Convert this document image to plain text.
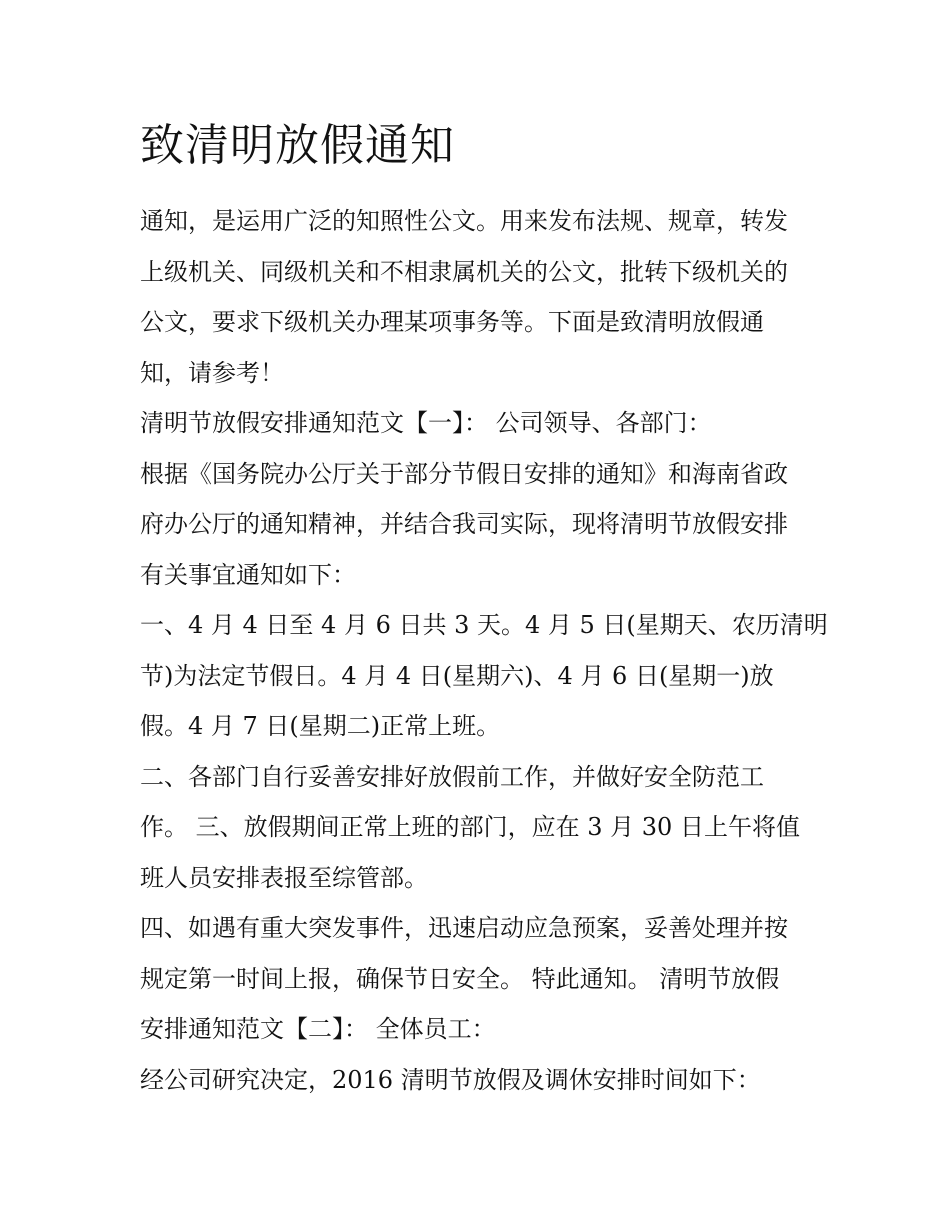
致清明放假通知

通知，是运用广泛的知照性公文。用来发布法规、规章，转发
上级机关、同级机关和不相隶属机关的公文，批转下级机关的
公文，要求下级机关办理某项事务等。下面是致清明放假通
知，请参考！

清明节放假安排通知范文【一】： 公司领导、各部门：

根据《国务院办公厅关于部分节假日安排的通知》和海南省政
府办公厅的通知精神，并结合我司实际，现将清明节放假安排
有关事宜通知如下：

一、4 月 4 日至 4 月 6 日共 3 天。4 月 5 日(星期天、农历清明
节)为法定节假日。4 月 4 日(星期六)、4 月 6 日(星期一)放
假。4 月 7 日(星期二)正常上班。

二、各部门自行妥善安排好放假前工作，并做好安全防范工
作。 三、放假期间正常上班的部门，应在 3 月 30 日上午将值
班人员安排表报至综管部。

四、如遇有重大突发事件，迅速启动应急预案，妥善处理并按
规定第一时间上报，确保节日安全。 特此通知。 清明节放假
安排通知范文【二】： 全体员工：

经公司研究决定，2016 清明节放假及调休安排时间如下：
